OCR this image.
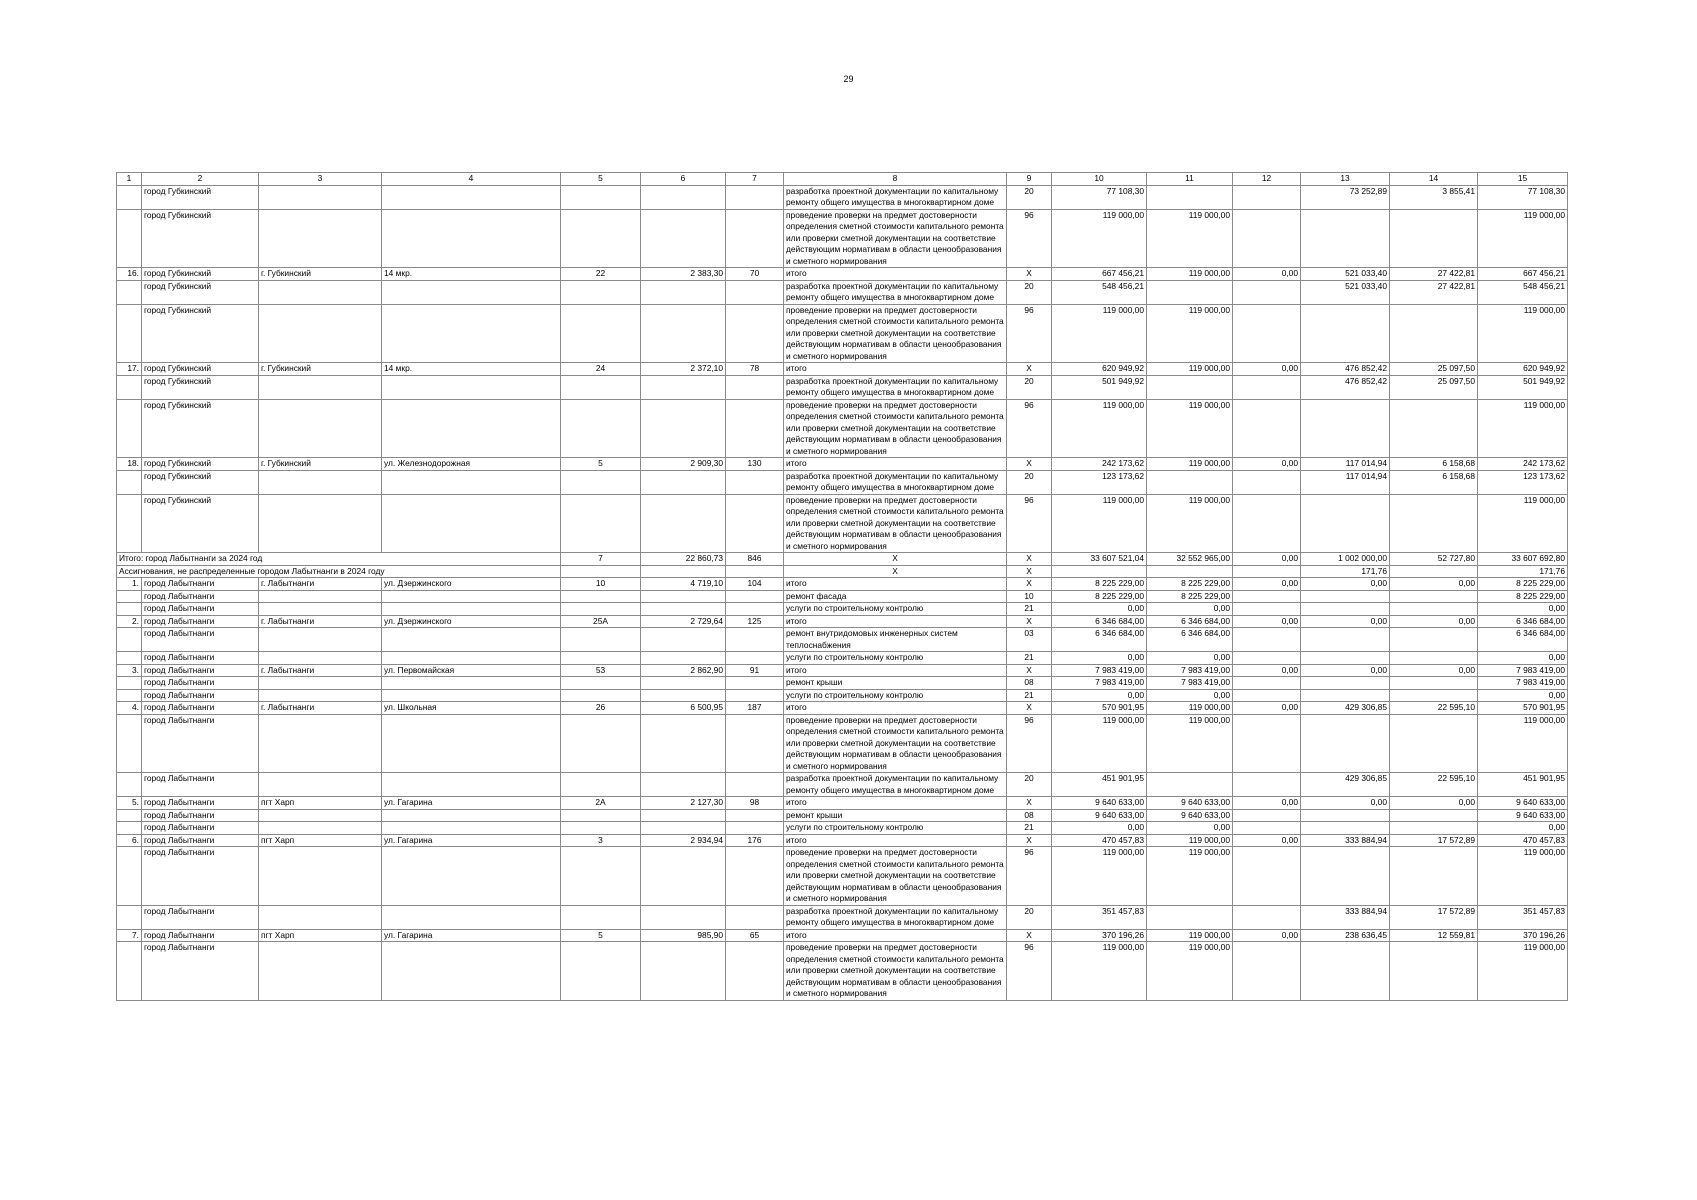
29
1	2	3	4	5	6	7	8	9	10	11	12	13	14	15
	город Губкинский						разработка проектной документации по капитальному ремонту общего имущества в многоквартирном доме	20	77 108,30			73 252,89	3 855,41	77 108,30
	город Губкинский						проведение проверки на предмет достоверности определения сметной стоимости капитального ремонта или проверки сметной документации на соответствие действующим нормативам в области ценообразования и сметного нормирования	96	119 000,00	119 000,00				119 000,00
16.	город Губкинский	г. Губкинский	14 мкр.	22	2 383,30	70	итого	X	667 456,21	119 000,00	0,00	521 033,40	27 422,81	667 456,21
	город Губкинский						разработка проектной документации по капитальному ремонту общего имущества в многоквартирном доме	20	548 456,21			521 033,40	27 422,81	548 456,21
	город Губкинский						проведение проверки на предмет достоверности определения сметной стоимости капитального ремонта или проверки сметной документации на соответствие действующим нормативам в области ценообразования и сметного нормирования	96	119 000,00	119 000,00				119 000,00
17.	город Губкинский	г. Губкинский	14 мкр.	24	2 372,10	78	итого	X	620 949,92	119 000,00	0,00	476 852,42	25 097,50	620 949,92
	город Губкинский						разработка проектной документации по капитальному ремонту общего имущества в многоквартирном доме	20	501 949,92			476 852,42	25 097,50	501 949,92
	город Губкинский						проведение проверки на предмет достоверности определения сметной стоимости капитального ремонта или проверки сметной документации на соответствие действующим нормативам в области ценообразования и сметного нормирования	96	119 000,00	119 000,00				119 000,00
18.	город Губкинский	г. Губкинский	ул. Железнодорожная	5	2 909,30	130	итого	X	242 173,62	119 000,00	0,00	117 014,94	6 158,68	242 173,62
	город Губкинский						разработка проектной документации по капитальному ремонту общего имущества в многоквартирном доме	20	123 173,62			117 014,94	6 158,68	123 173,62
	город Губкинский						проведение проверки на предмет достоверности определения сметной стоимости капитального ремонта или проверки сметной документации на соответствие действующим нормативам в области ценообразования и сметного нормирования	96	119 000,00	119 000,00				119 000,00
Итого: город Лабытнанги за 2024 год				7	22 860,73	846	X	X	33 607 521,04	32 552 965,00	0,00	1 002 000,00	52 727,80	33 607 692,80
Ассигнования, не распределенные городом Лабытнанги в 2024 году							X	X				171,76		171,76
1.	город Лабытнанги	г. Лабытнанги	ул. Дзержинского	10	4 719,10	104	итого	X	8 225 229,00	8 225 229,00	0,00	0,00	0,00	8 225 229,00
	город Лабытнанги						ремонт фасада	10	8 225 229,00	8 225 229,00				8 225 229,00
	город Лабытнанги						услуги по строительному контролю	21	0,00	0,00				0,00
2.	город Лабытнанги	г. Лабытнанги	ул. Дзержинского	25А	2 729,64	125	итого	X	6 346 684,00	6 346 684,00	0,00	0,00	0,00	6 346 684,00
	город Лабытнанги						ремонт внутридомовых инженерных систем теплоснабжения	03	6 346 684,00	6 346 684,00				6 346 684,00
	город Лабытнанги						услуги по строительному контролю	21	0,00	0,00				0,00
3.	город Лабытнанги	г. Лабытнанги	ул. Первомайская	53	2 862,90	91	итого	X	7 983 419,00	7 983 419,00	0,00	0,00	0,00	7 983 419,00
	город Лабытнанги						ремонт крыши	08	7 983 419,00	7 983 419,00				7 983 419,00
	город Лабытнанги						услуги по строительному контролю	21	0,00	0,00				0,00
4.	город Лабытнанги	г. Лабытнанги	ул. Школьная	26	6 500,95	187	итого	X	570 901,95	119 000,00	0,00	429 306,85	22 595,10	570 901,95
	город Лабытнанги						проведение проверки на предмет достоверности определения сметной стоимости капитального ремонта или проверки сметной документации на соответствие действующим нормативам в области ценообразования и сметного нормирования	96	119 000,00	119 000,00				119 000,00
	город Лабытнанги						разработка проектной документации по капитальному ремонту общего имущества в многоквартирном доме	20	451 901,95			429 306,85	22 595,10	451 901,95
5.	город Лабытнанги	пгт Харп	ул. Гагарина	2А	2 127,30	98	итого	X	9 640 633,00	9 640 633,00	0,00	0,00	0,00	9 640 633,00
	город Лабытнанги						ремонт крыши	08	9 640 633,00	9 640 633,00				9 640 633,00
	город Лабытнанги						услуги по строительному контролю	21	0,00	0,00				0,00
6.	город Лабытнанги	пгт Харп	ул. Гагарина	3	2 934,94	176	итого	X	470 457,83	119 000,00	0,00	333 884,94	17 572,89	470 457,83
	город Лабытнанги						проведение проверки на предмет достоверности определения сметной стоимости капитального ремонта или проверки сметной документации на соответствие действующим нормативам в области ценообразования и сметного нормирования	96	119 000,00	119 000,00				119 000,00
	город Лабытнанги						разработка проектной документации по капитальному ремонту общего имущества в многоквартирном доме	20	351 457,83			333 884,94	17 572,89	351 457,83
7.	город Лабытнанги	пгт Харп	ул. Гагарина	5	985,90	65	итого	X	370 196,26	119 000,00	0,00	238 636,45	12 559,81	370 196,26
	город Лабытнанги						проведение проверки на предмет достоверности определения сметной стоимости капитального ремонта или проверки сметной документации на соответствие действующим нормативам в области ценообразования и сметного нормирования	96	119 000,00	119 000,00				119 000,00
